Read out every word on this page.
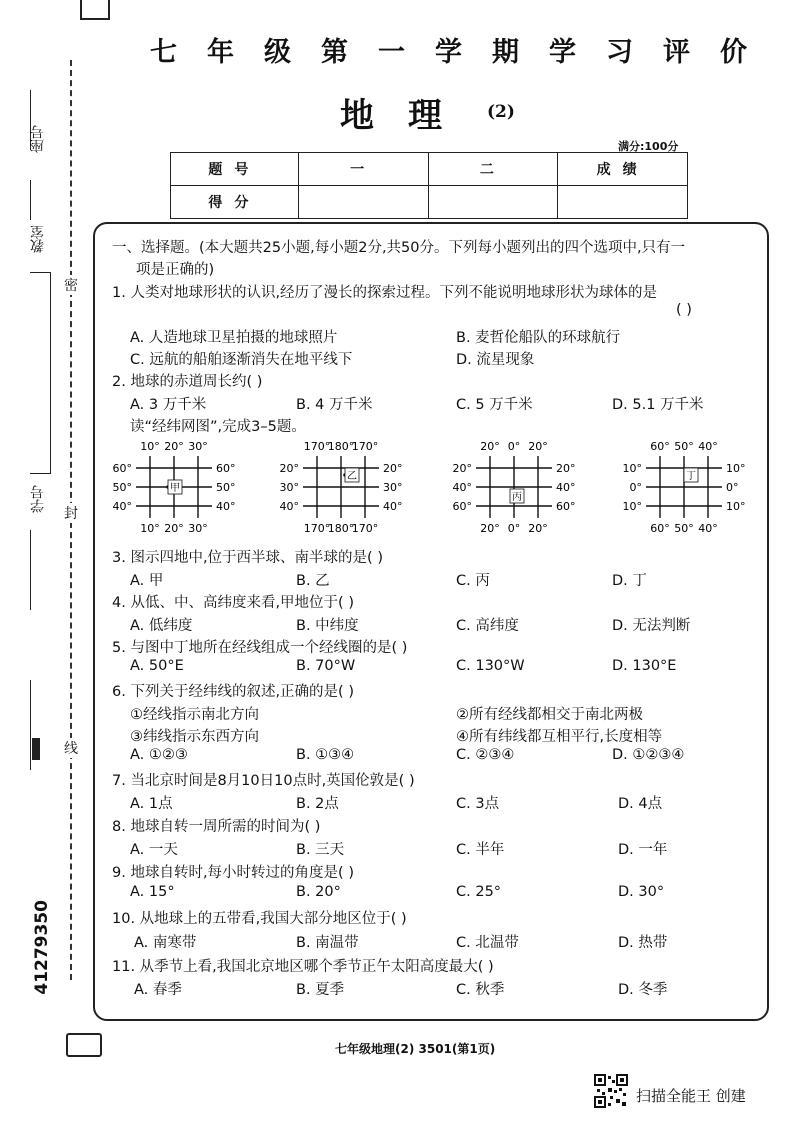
座号
教室
密
学号
封
线
41279350
七年级第一学期学习评价
地理 (2)
满分:100分
题号	一	二	成绩
得分			
一、选择题。(本大题共25小题,每小题2分,共50分。下列每小题列出的四个选项中,只有一
项是正确的)
1. 人类对地球形状的认识,经历了漫长的探索过程。下列不能说明地球形状为球体的是
( )
A. 人造地球卫星拍摄的地球照片	B. 麦哲伦船队的环球航行
C. 远航的船舶逐渐消失在地平线下	D. 流星现象
2. 地球的赤道周长约( )
A. 3 万千米	B. 4 万千米	C. 5 万千米	D. 5.1 万千米
读“经纬网图”,完成3–5题。
10° 20° 30°
10° 20° 30°
60°
50°
40°
60°
50°
40°
甲
170°
180°
170°
170°
180°
170°
20°
30°
40°
20°
30°
40°
乙
20° 0° 20°
20° 0° 20°
20°
40°
60°
20°
40°
60°
丙
60° 50° 40°
60° 50° 40°
10°
0°
10°
10°
0°
10°
丁
3. 图示四地中,位于西半球、南半球的是( )
A. 甲	B. 乙	C. 丙	D. 丁
4. 从低、中、高纬度来看,甲地位于( )
A. 低纬度	B. 中纬度	C. 高纬度	D. 无法判断
5. 与图中丁地所在经线组成一个经线圈的是( )
A. 50°E	B. 70°W	C. 130°W	D. 130°E
6. 下列关于经纬线的叙述,正确的是( )
①经线指示南北方向	②所有经线都相交于南北两极
③纬线指示东西方向	④所有纬线都互相平行,长度相等
A. ①②③	B. ①③④	C. ②③④	D. ①②③④
7. 当北京时间是8月10日10点时,英国伦敦是( )
A. 1点	B. 2点	C. 3点	D. 4点
8. 地球自转一周所需的时间为( )
A. 一天	B. 三天	C. 半年	D. 一年
9. 地球自转时,每小时转过的角度是( )
A. 15°	B. 20°	C. 25°	D. 30°
10. 从地球上的五带看,我国大部分地区位于( )
A. 南寒带	B. 南温带	C. 北温带	D. 热带
11. 从季节上看,我国北京地区哪个季节正午太阳高度最大( )
A. 春季	B. 夏季	C. 秋季	D. 冬季
七年级地理(2) 3501(第1页)
扫描全能王 创建
